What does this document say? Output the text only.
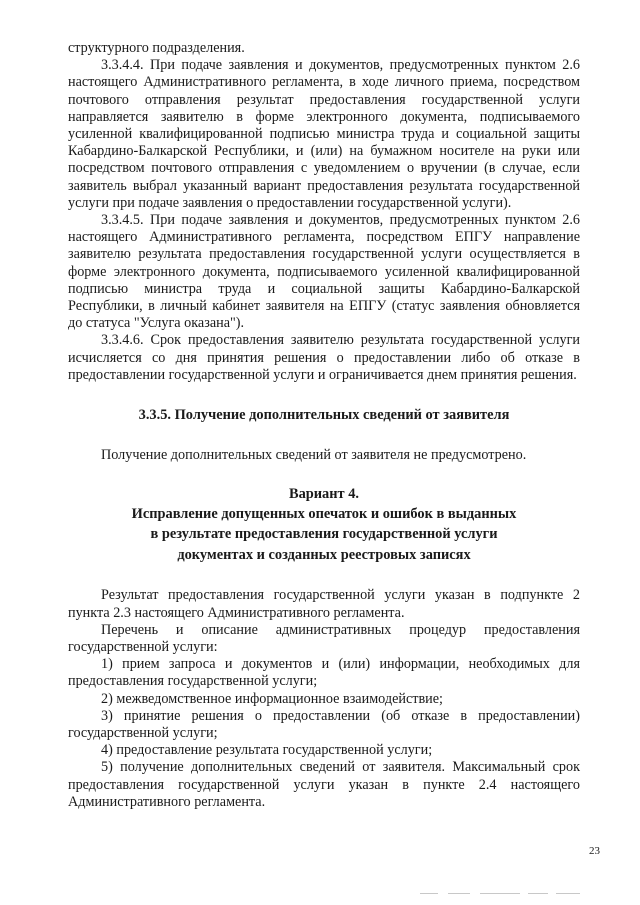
структурного подразделения.

3.3.4.4. При подаче заявления и документов, предусмотренных пунктом 2.6 настоящего Административного регламента, в ходе личного приема, посредством почтового отправления результат предоставления государственной услуги направляется заявителю в форме электронного документа, подписываемого усиленной квалифицированной подписью министра труда и социальной защиты Кабардино-Балкарской Республики, и (или) на бумажном носителе на руки или посредством почтового отправления с уведомлением о вручении (в случае, если заявитель выбрал указанный вариант предоставления результата государственной услуги при подаче заявления о предоставлении государственной услуги).

3.3.4.5. При подаче заявления и документов, предусмотренных пунктом 2.6 настоящего Административного регламента, посредством ЕПГУ направление заявителю результата предоставления государственной услуги осуществляется в форме электронного документа, подписываемого усиленной квалифицированной подписью министра труда и социальной защиты Кабардино-Балкарской Республики, в личный кабинет заявителя на ЕПГУ (статус заявления обновляется до статуса "Услуга оказана").

3.3.4.6. Срок предоставления заявителю результата государственной услуги исчисляется со дня принятия решения о предоставлении либо об отказе в предоставлении государственной услуги и ограничивается днем принятия решения.

3.3.5. Получение дополнительных сведений от заявителя

Получение дополнительных сведений от заявителя не предусмотрено.

Вариант 4.
Исправление допущенных опечаток и ошибок в выданных
в результате предоставления государственной услуги
документах и созданных реестровых записях

Результат предоставления государственной услуги указан в подпункте 2 пункта 2.3 настоящего Административного регламента.

Перечень и описание административных процедур предоставления государственной услуги:

1) прием запроса и документов и (или) информации, необходимых для предоставления государственной услуги;

2) межведомственное информационное взаимодействие;

3) принятие решения о предоставлении (об отказе в предоставлении) государственной услуги;

4) предоставление результата государственной услуги;

5) получение дополнительных сведений от заявителя. Максимальный срок предоставления государственной услуги указан в пункте 2.4 настоящего Административного регламента.

23
